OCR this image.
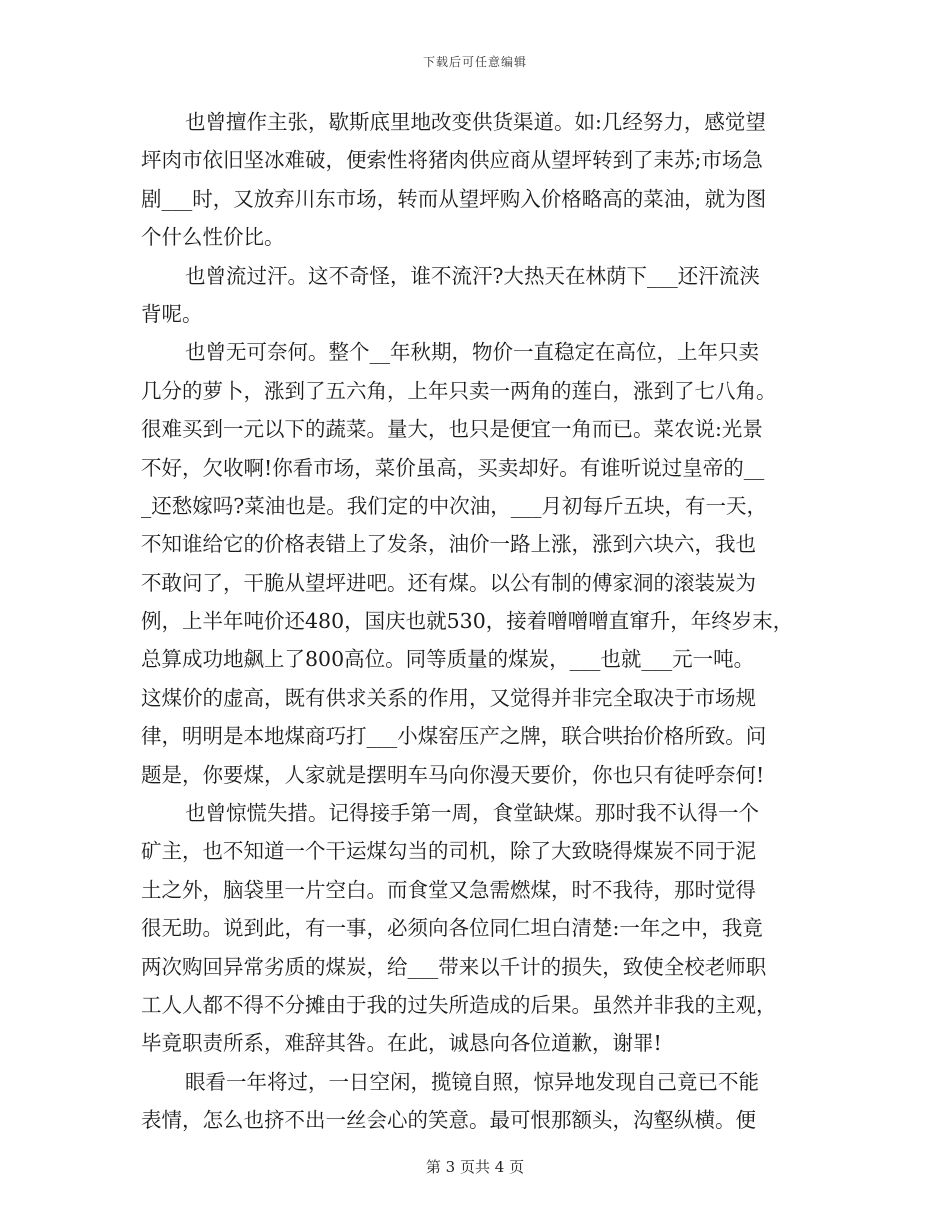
下载后可任意编辑
也曾擅作主张，歇斯底里地改变供货渠道。如:几经努力，感觉望
坪肉市依旧坚冰难破，便索性将猪肉供应商从望坪转到了耒苏;市场急
剧___时，又放弃川东市场，转而从望坪购入价格略高的菜油，就为图
个什么性价比。
也曾流过汗。这不奇怪，谁不流汗?大热天在林荫下___还汗流浃
背呢。
也曾无可奈何。整个__年秋期，物价一直稳定在高位，上年只卖
几分的萝卜，涨到了五六角，上年只卖一两角的莲白，涨到了七八角。
很难买到一元以下的蔬菜。量大，也只是便宜一角而已。菜农说:光景
不好，欠收啊!你看市场，菜价虽高，买卖却好。有谁听说过皇帝的__
_还愁嫁吗?菜油也是。我们定的中次油，___月初每斤五块，有一天，
不知谁给它的价格表错上了发条，油价一路上涨，涨到六块六，我也
不敢问了，干脆从望坪进吧。还有煤。以公有制的傅家洞的滚装炭为
例，上半年吨价还480，国庆也就530，接着噌噌噌直窜升，年终岁末，
总算成功地飙上了800高位。同等质量的煤炭，___也就___元一吨。
这煤价的虚高，既有供求关系的作用，又觉得并非完全取决于市场规
律，明明是本地煤商巧打___小煤窑压产之牌，联合哄抬价格所致。问
题是，你要煤，人家就是摆明车马向你漫天要价，你也只有徒呼奈何!
也曾惊慌失措。记得接手第一周，食堂缺煤。那时我不认得一个
矿主，也不知道一个干运煤勾当的司机，除了大致晓得煤炭不同于泥
土之外，脑袋里一片空白。而食堂又急需燃煤，时不我待，那时觉得
很无助。说到此，有一事，必须向各位同仁坦白清楚:一年之中，我竟
两次购回异常劣质的煤炭，给___带来以千计的损失，致使全校老师职
工人人都不得不分摊由于我的过失所造成的后果。虽然并非我的主观，
毕竟职责所系，难辞其咎。在此，诚恳向各位道歉，谢罪!
眼看一年将过，一日空闲，揽镜自照，惊异地发现自己竟已不能
表情，怎么也挤不出一丝会心的笑意。最可恨那额头，沟壑纵横。便
第 3 页共 4 页
